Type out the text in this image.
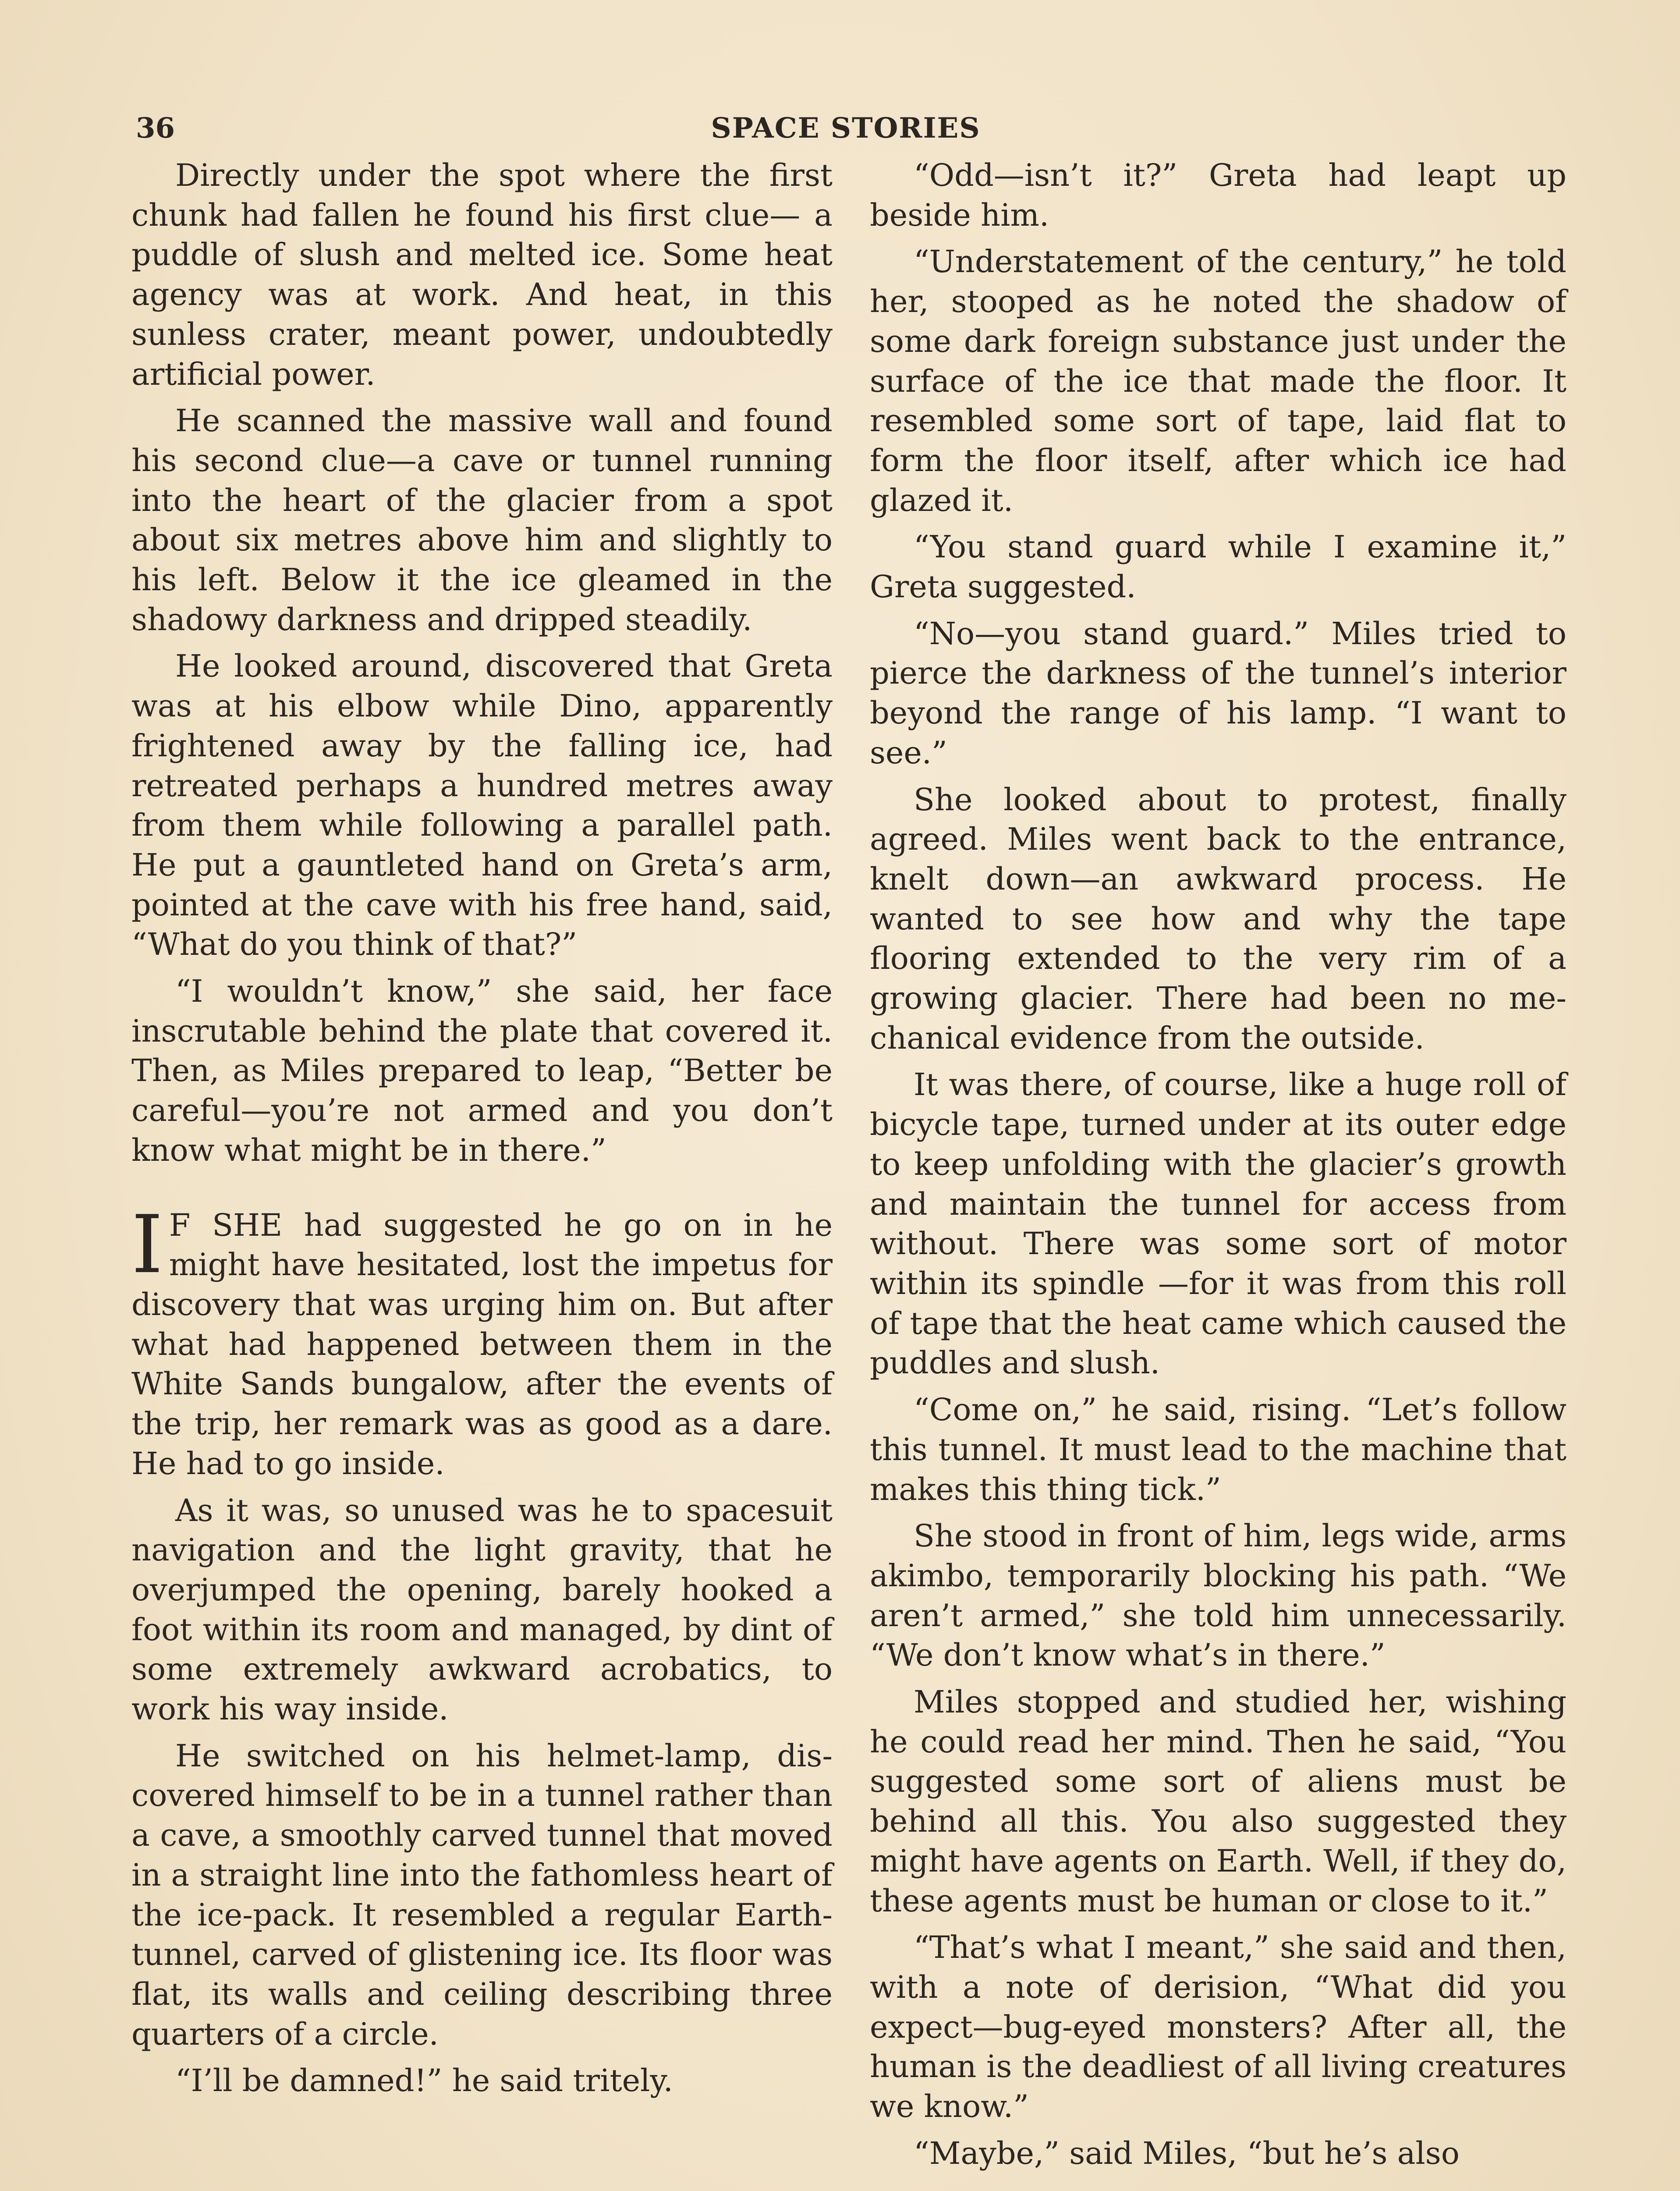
36	SPACE STORIES

Directly under the spot where the first chunk had fallen he found his first clue— a puddle of slush and melted ice. Some heat agency was at work. And heat, in this sunless crater, meant power, undoubtedly artificial power.

He scanned the massive wall and found his second clue—a cave or tunnel running into the heart of the glacier from a spot about six metres above him and slightly to his left. Below it the ice gleamed in the shadowy darkness and dripped steadily.

He looked around, discovered that Greta was at his elbow while Dino, apparently frightened away by the falling ice, had retreated perhaps a hundred metres away from them while following a parallel path. He put a gauntleted hand on Greta’s arm, pointed at the cave with his free hand, said, “What do you think of that?”

“I wouldn’t know,” she said, her face inscrutable behind the plate that covered it. Then, as Miles prepared to leap, “Better be careful—you’re not armed and you don’t know what might be in there.”

I F SHE had suggested he go on in he might have hesitated, lost the impetus for discovery that was urging him on. But after what had happened between them in the White Sands bungalow, after the events of the trip, her remark was as good as a dare. He had to go inside.

As it was, so unused was he to spacesuit navigation and the light gravity, that he overjumped the opening, barely hooked a foot within its room and managed, by dint of some extremely awkward acrobatics, to work his way inside.

He switched on his helmet-lamp, discovered himself to be in a tunnel rather than a cave, a smoothly carved tunnel that moved in a straight line into the fathomless heart of the ice-pack. It resembled a regular Earth-tunnel, carved of glistening ice. Its floor was flat, its walls and ceiling describing three quarters of a circle.

“I’ll be damned!” he said tritely.

“Odd—isn’t it?” Greta had leapt up beside him.

“Understatement of the century,” he told her, stooped as he noted the shadow of some dark foreign substance just under the surface of the ice that made the floor. It resembled some sort of tape, laid flat to form the floor itself, after which ice had glazed it.

“You stand guard while I examine it,” Greta suggested.

“No—you stand guard.” Miles tried to pierce the darkness of the tunnel’s interior beyond the range of his lamp. “I want to see.”

She looked about to protest, finally agreed. Miles went back to the entrance, knelt down—an awkward process. He wanted to see how and why the tape flooring extended to the very rim of a growing glacier. There had been no mechanical evidence from the outside.

It was there, of course, like a huge roll of bicycle tape, turned under at its outer edge to keep unfolding with the glacier’s growth and maintain the tunnel for access from without. There was some sort of motor within its spindle —for it was from this roll of tape that the heat came which caused the puddles and slush.

“Come on,” he said, rising. “Let’s follow this tunnel. It must lead to the machine that makes this thing tick.”

She stood in front of him, legs wide, arms akimbo, temporarily blocking his path. “We aren’t armed,” she told him unnecessarily. “We don’t know what’s in there.”

Miles stopped and studied her, wishing he could read her mind. Then he said, “You suggested some sort of aliens must be behind all this. You also suggested they might have agents on Earth. Well, if they do, these agents must be human or close to it.”

“That’s what I meant,” she said and then, with a note of derision, “What did you expect—bug-eyed monsters? After all, the human is the deadliest of all living creatures we know.”

“Maybe,” said Miles, “but he’s also
